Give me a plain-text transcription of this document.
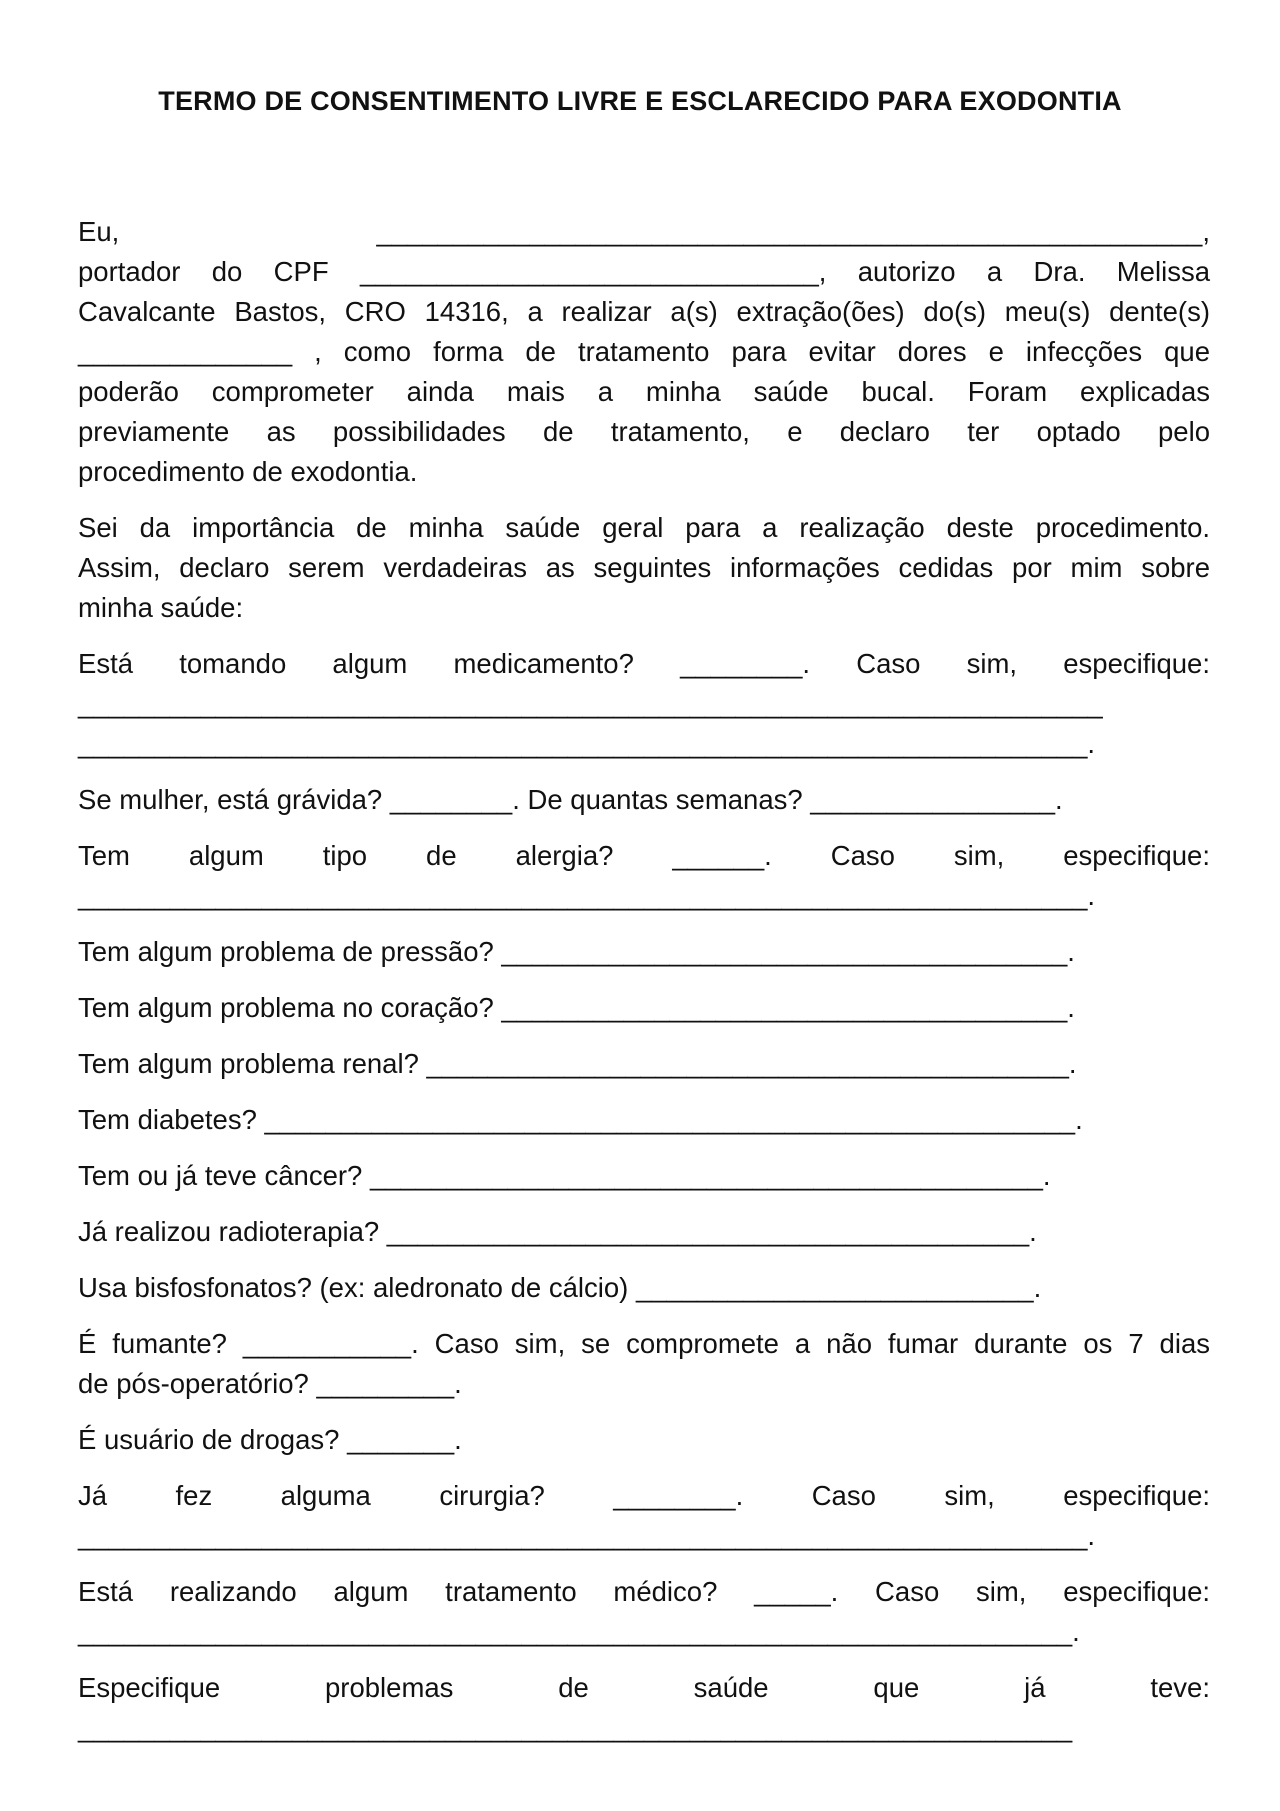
TERMO DE CONSENTIMENTO LIVRE E ESCLARECIDO PARA EXODONTIA

Eu, ______________________________________________________, portador do CPF ______________________________, autorizo a Dra. Melissa Cavalcante Bastos, CRO 14316, a realizar a(s) extração(ões) do(s) meu(s) dente(s) ______________ , como forma de tratamento para evitar dores e infecções que poderão comprometer ainda mais a minha saúde bucal. Foram explicadas previamente as possibilidades de tratamento, e declaro ter optado pelo

procedimento de exodontia.

Sei da importância de minha saúde geral para a realização deste procedimento. Assim, declaro serem verdadeiras as seguintes informações cedidas por mim sobre

minha saúde:

Está tomando algum medicamento? ________. Caso sim, especifique: ___________________________________________________________________

__________________________________________________________________.

Se mulher, está grávida? ________. De quantas semanas? ________________.

Tem algum tipo de alergia? ______. Caso sim, especifique:

__________________________________________________________________.

Tem algum problema de pressão? _____________________________________.

Tem algum problema no coração? _____________________________________.

Tem algum problema renal? __________________________________________.

Tem diabetes? _____________________________________________________.

Tem ou já teve câncer? ____________________________________________.

Já realizou radioterapia? __________________________________________.

Usa bisfosfonatos? (ex: aledronato de cálcio) __________________________.

É fumante? ___________. Caso sim, se compromete a não fumar durante os 7 dias

de pós-operatório? _________.

É usuário de drogas? _______.

Já fez alguma cirurgia? ________. Caso sim, especifique:

__________________________________________________________________.

Está realizando algum tratamento médico? _____. Caso sim, especifique:

_________________________________________________________________.

Especifique problemas de saúde que já teve:

_________________________________________________________________
